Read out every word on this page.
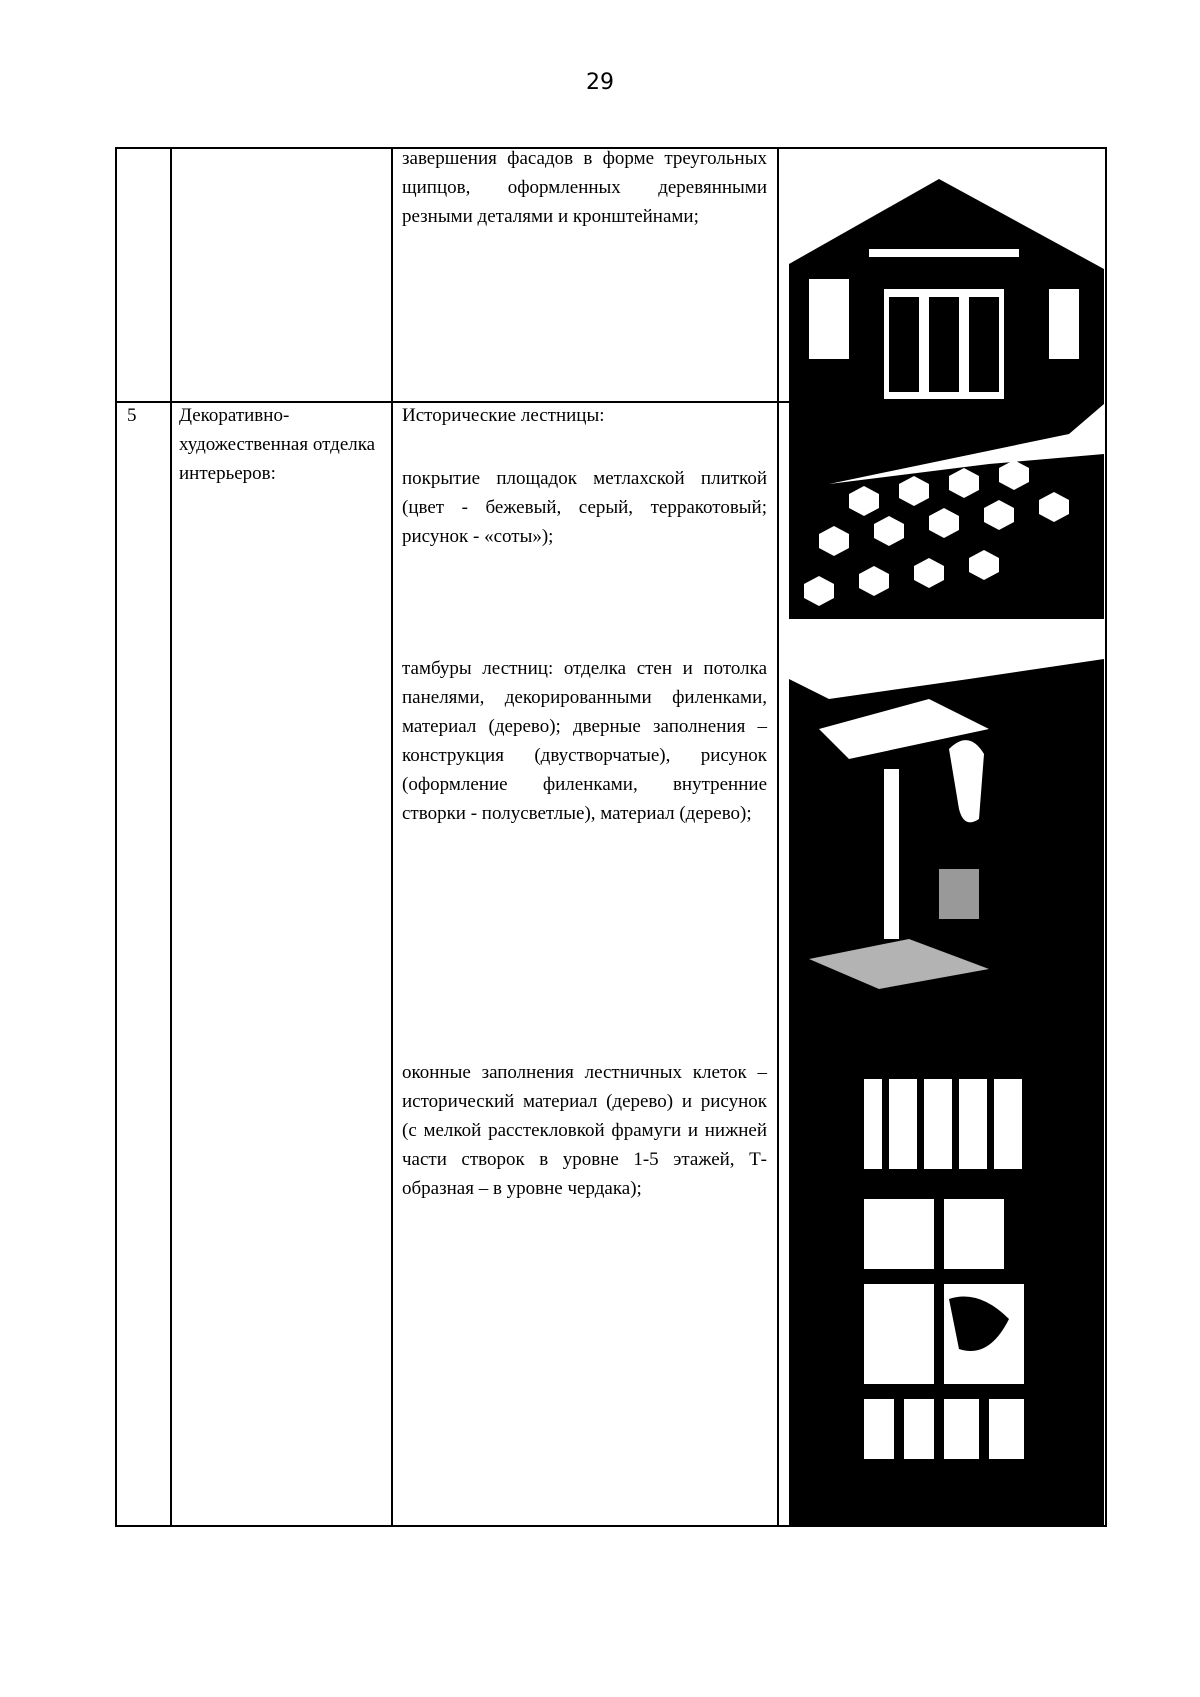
29
завершения фасадов в форме треугольных щипцов, оформленных деревянными резными деталями и кронштейнами;
5 Декоративно-художественная отделка интерьеров:
Исторические лестницы:
покрытие площадок метлахской плиткой (цвет - бежевый, серый, терракотовый; рисунок - «соты»);
тамбуры лестниц: отделка стен и потолка панелями, декорированными филенками, материал (дерево); дверные заполнения – конструкция (двустворчатые), рисунок (оформление филенками, внутренние створки - полусветлые), материал (дерево);
оконные заполнения лестничных клеток – исторический материал (дерево) и рисунок (с мелкой расстекловкой фрамуги и нижней части створок в уровне 1-5 этажей, Т-образная – в уровне чердака);
